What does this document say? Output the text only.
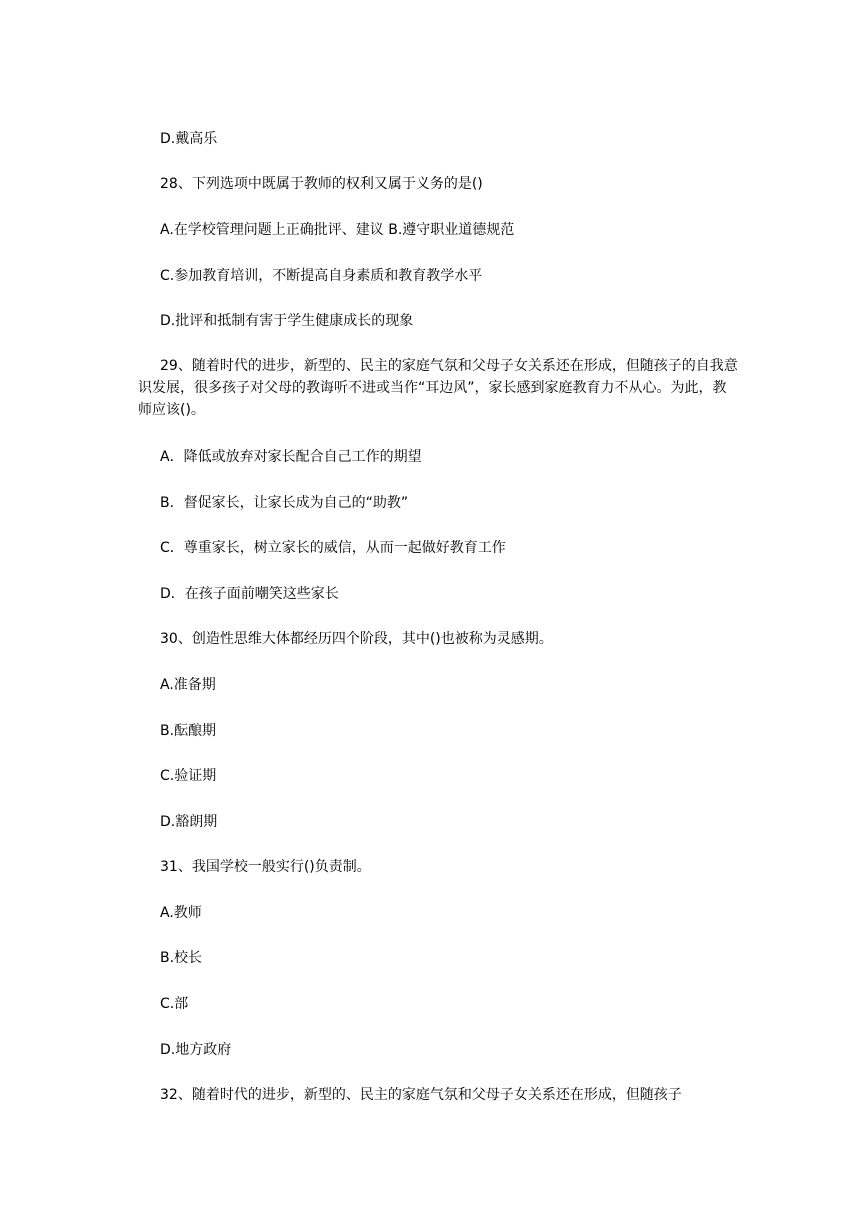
D.戴高乐
28、下列选项中既属于教师的权利又属于义务的是()
A.在学校管理问题上正确批评、建议 B.遵守职业道德规范
C.参加教育培训，不断提高自身素质和教育教学水平
D.批评和抵制有害于学生健康成长的现象

29、随着时代的进步，新型的、民主的家庭气氛和父母子女关系还在形成，但随孩子的自我意识发展，很多孩子对父母的教诲听不进或当作“耳边风”，家长感到家庭教育力不从心。为此，教师应该()。

A．降低或放弃对家长配合自己工作的期望
B．督促家长，让家长成为自己的“助教”
C．尊重家长，树立家长的威信，从而一起做好教育工作
D．在孩子面前嘲笑这些家长
30、创造性思维大体都经历四个阶段，其中()也被称为灵感期。
A.准备期
B.酝酿期
C.验证期
D.豁朗期
31、我国学校一般实行()负责制。
A.教师
B.校长
C.部
D.地方政府
32、随着时代的进步，新型的、民主的家庭气氛和父母子女关系还在形成，但随孩子
